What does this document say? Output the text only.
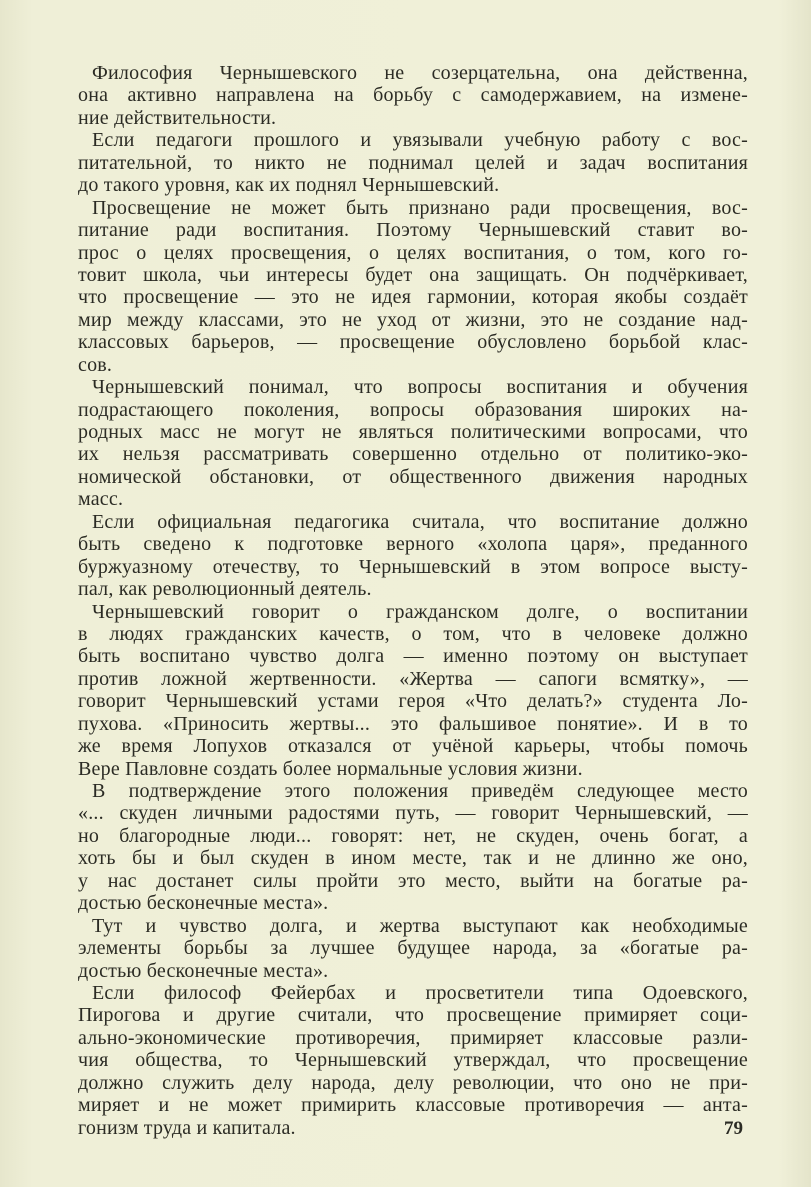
Философия Чернышевского не созерцательна, она действенна,
она активно направлена на борьбу с самодержавием, на измене-
ние действительности.
Если педагоги прошлого и увязывали учебную работу с вос-
питательной, то никто не поднимал целей и задач воспитания
до такого уровня, как их поднял Чернышевский.
Просвещение не может быть признано ради просвещения, вос-
питание ради воспитания. Поэтому Чернышевский ставит во-
прос о целях просвещения, о целях воспитания, о том, кого го-
товит школа, чьи интересы будет она защищать. Он подчёркивает,
что просвещение — это не идея гармонии, которая якобы создаёт
мир между классами, это не уход от жизни, это не создание над-
классовых барьеров, — просвещение обусловлено борьбой клас-
сов.
Чернышевский понимал, что вопросы воспитания и обучения
подрастающего поколения, вопросы образования широких на-
родных масс не могут не являться политическими вопросами, что
их нельзя рассматривать совершенно отдельно от политико-эко-
номической обстановки, от общественного движения народных
масс.
Если официальная педагогика считала, что воспитание должно
быть сведено к подготовке верного «холопа царя», преданного
буржуазному отечеству, то Чернышевский в этом вопросе высту-
пал, как революционный деятель.
Чернышевский говорит о гражданском долге, о воспитании
в людях гражданских качеств, о том, что в человеке должно
быть воспитано чувство долга — именно поэтому он выступает
против ложной жертвенности. «Жертва — сапоги всмятку», —
говорит Чернышевский устами героя «Что делать?» студента Ло-
пухова. «Приносить жертвы... это фальшивое понятие». И в то
же время Лопухов отказался от учёной карьеры, чтобы помочь
Вере Павловне создать более нормальные условия жизни.
В подтверждение этого положения приведём следующее место
«... скуден личными радостями путь, — говорит Чернышевский, —
но благородные люди... говорят: нет, не скуден, очень богат, а
хоть бы и был скуден в ином месте, так и не длинно же оно,
у нас достанет силы пройти это место, выйти на богатые ра-
достью бесконечные места».
Тут и чувство долга, и жертва выступают как необходимые
элементы борьбы за лучшее будущее народа, за «богатые ра-
достью бесконечные места».
Если философ Фейербах и просветители типа Одоевского,
Пирогова и другие считали, что просвещение примиряет соци-
ально-экономические противоречия, примиряет классовые разли-
чия общества, то Чернышевский утверждал, что просвещение
должно служить делу народа, делу революции, что оно не при-
миряет и не может примирить классовые противоречия — анта-
гонизм труда и капитала.	79
